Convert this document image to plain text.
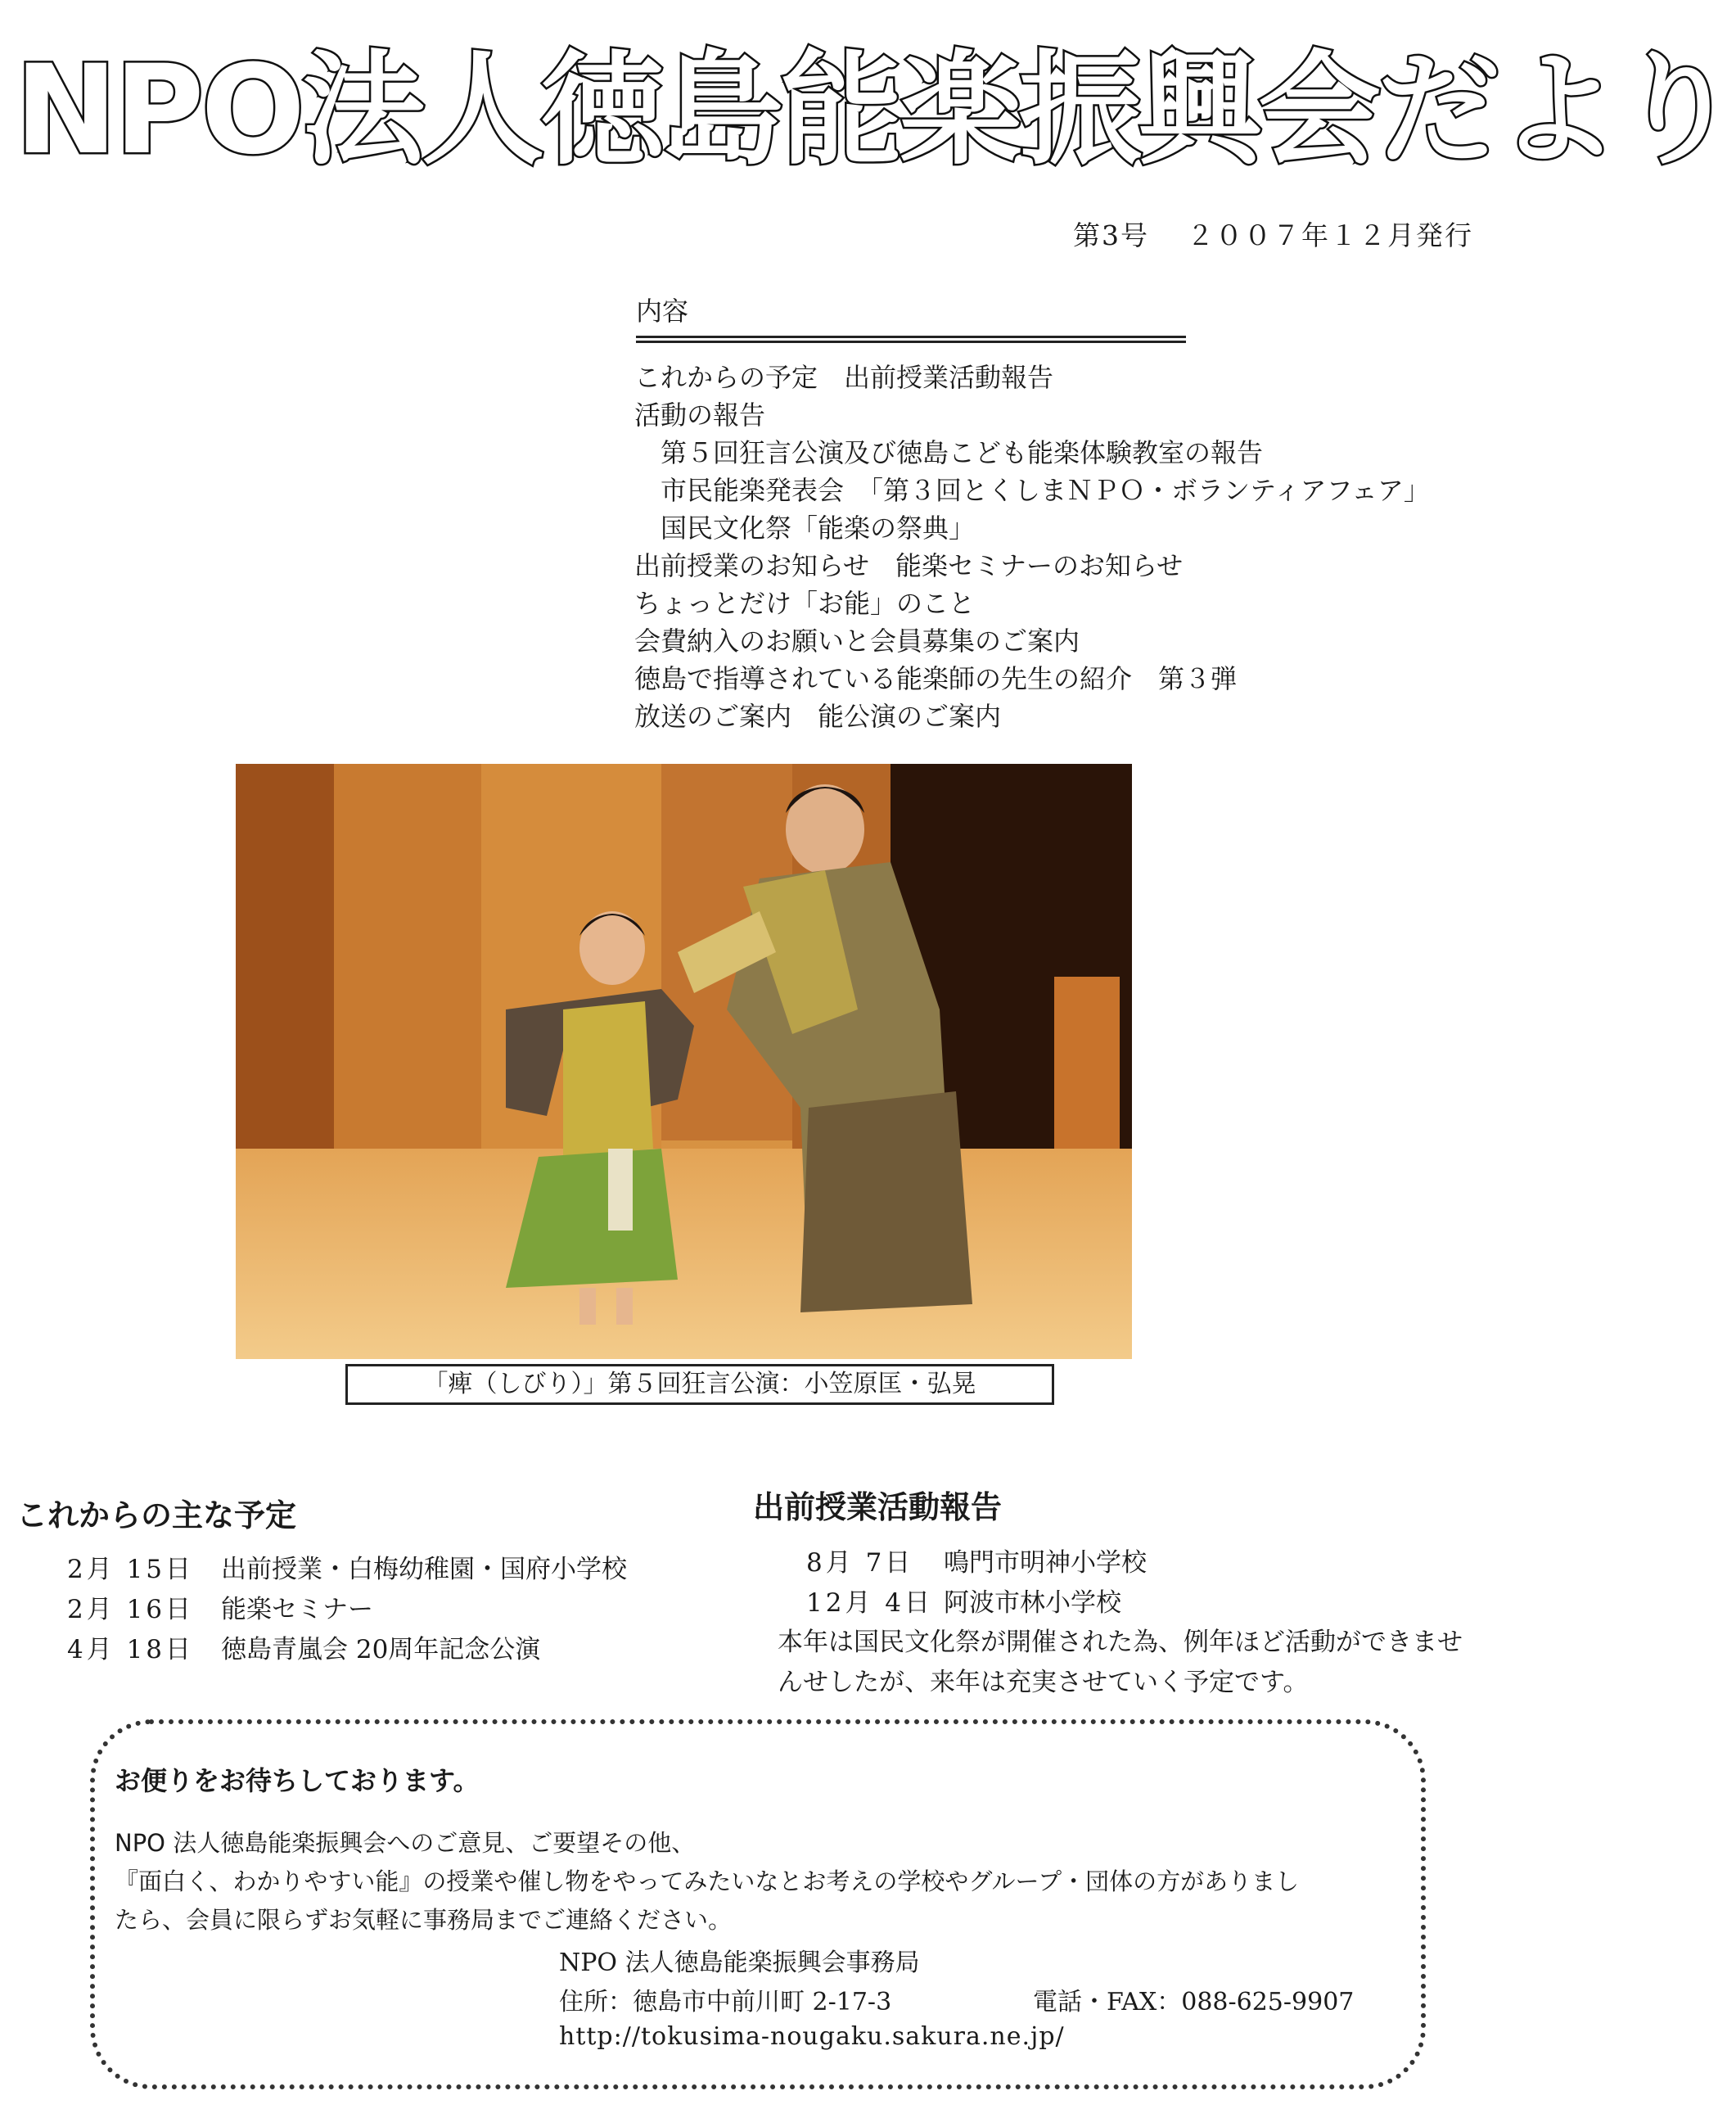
NPO法人徳島能楽振興会だより
第3号 ２００７年１２月発行
内容
これからの予定　出前授業活動報告
活動の報告
第５回狂言公演及び徳島こども能楽体験教室の報告
市民能楽発表会　「第３回とくしまＮＰＯ・ボランティアフェア」
国民文化祭「能楽の祭典」
出前授業のお知らせ　能楽セミナーのお知らせ
ちょっとだけ「お能」のこと
会費納入のお願いと会員募集のご案内
徳島で指導されている能楽師の先生の紹介　第３弾
放送のご案内　能公演のご案内
「痺（しびり）」第５回狂言公演：小笠原匡・弘晃
これからの主な予定
2月 15日 出前授業・白梅幼稚園・国府小学校
2月 16日 能楽セミナー
4月 18日 徳島青嵐会 20周年記念公演
出前授業活動報告
8月 7日 鳴門市明神小学校
12月 4日 阿波市林小学校
本年は国民文化祭が開催された為、例年ほど活動ができませんせしたが、来年は充実させていく予定です。
お便りをお待ちしております。
NPO 法人徳島能楽振興会へのご意見、ご要望その他、
『面白く、わかりやすい能』の授業や催し物をやってみたいなとお考えの学校やグループ・団体の方がありまし
たら、会員に限らずお気軽に事務局までご連絡ください。
NPO 法人徳島能楽振興会事務局
住所：徳島市中前川町 2-17-3	電話・FAX：088-625-9907
http://tokusima-nougaku.sakura.ne.jp/
